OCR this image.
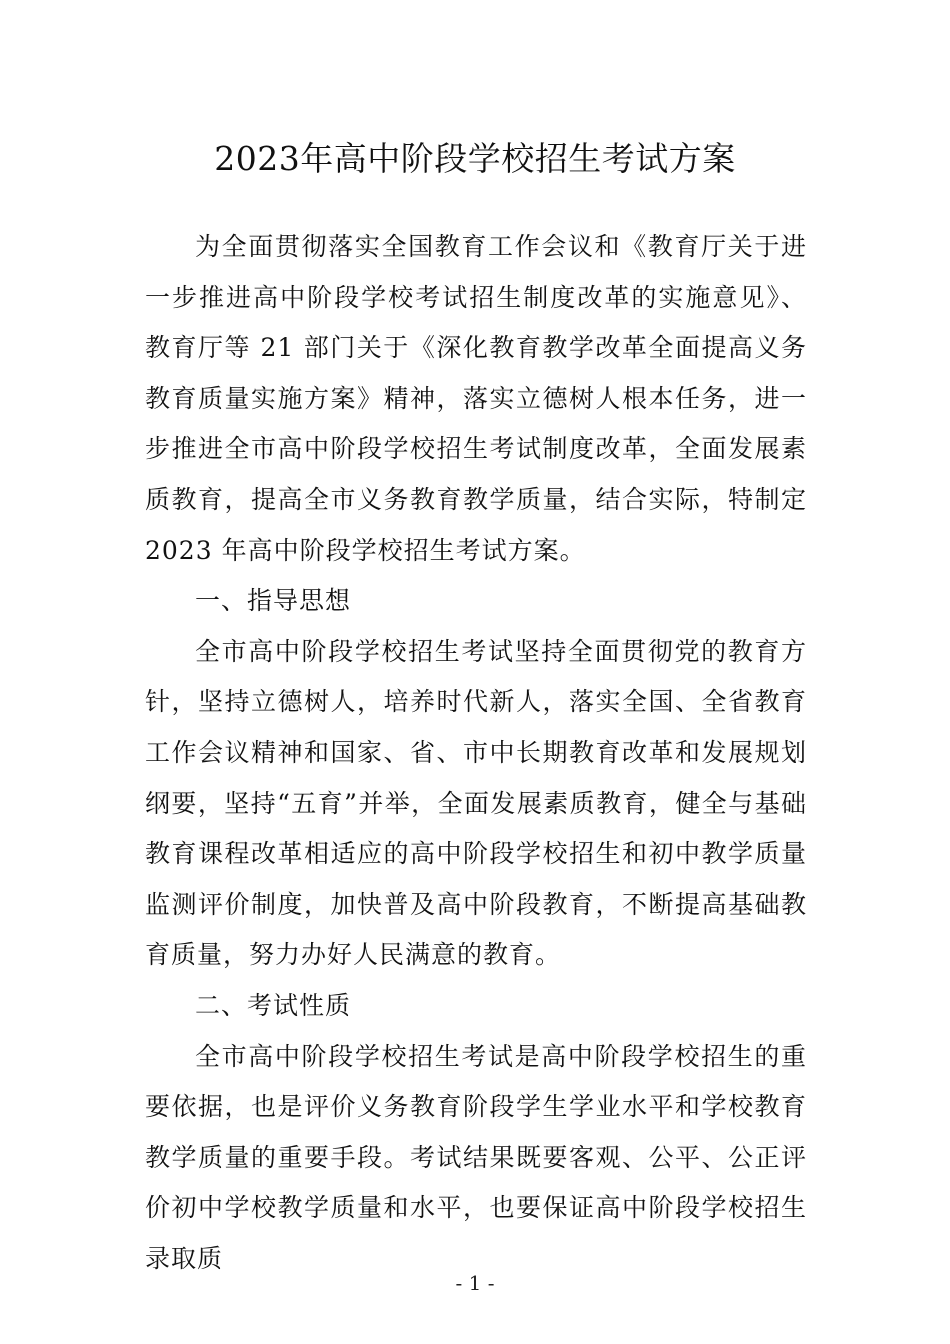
2023年高中阶段学校招生考试方案

为全面贯彻落实全国教育工作会议和《教育厅关于进一步推进高中阶段学校考试招生制度改革的实施意见》、教育厅等 21 部门关于《深化教育教学改革全面提高义务教育质量实施方案》精神，落实立德树人根本任务，进一步推进全市高中阶段学校招生考试制度改革，全面发展素质教育，提高全市义务教育教学质量，结合实际，特制定 2023 年高中阶段学校招生考试方案。

一、指导思想

全市高中阶段学校招生考试坚持全面贯彻党的教育方针，坚持立德树人，培养时代新人，落实全国、全省教育工作会议精神和国家、省、市中长期教育改革和发展规划纲要，坚持“五育”并举，全面发展素质教育，健全与基础教育课程改革相适应的高中阶段学校招生和初中教学质量监测评价制度，加快普及高中阶段教育，不断提高基础教育质量，努力办好人民满意的教育。

二、考试性质

全市高中阶段学校招生考试是高中阶段学校招生的重要依据，也是评价义务教育阶段学生学业水平和学校教育教学质量的重要手段。考试结果既要客观、公平、公正评价初中学校教学质量和水平，也要保证高中阶段学校招生录取质

- 1 -
